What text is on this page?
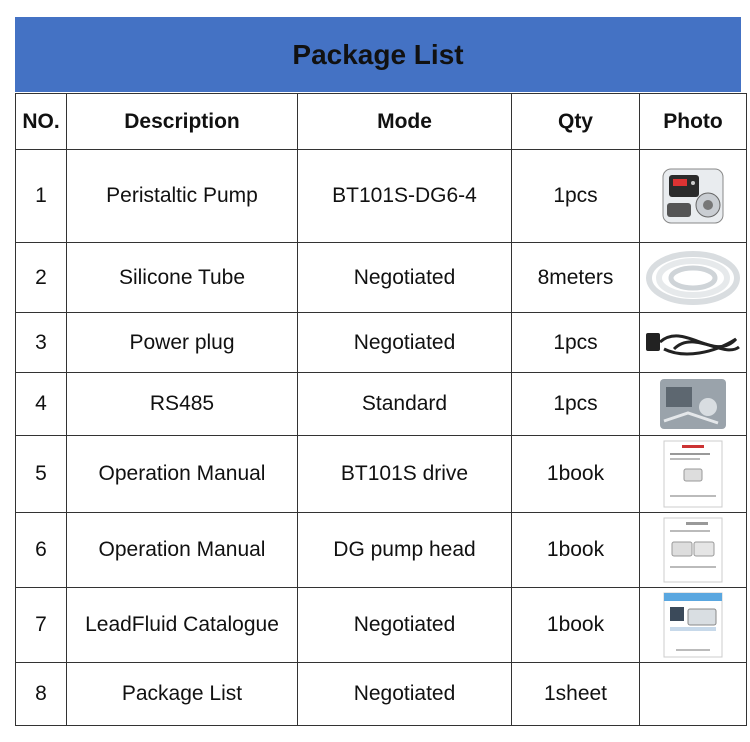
Package List
NO.	Description	Mode	Qty	Photo
1	Peristaltic Pump	BT101S-DG6-4	1pcs	

2	Silicone Tube	Negotiated	8meters	

3	Power plug	Negotiated	1pcs	

4	RS485	Standard	1pcs	

5	Operation Manual	BT101S drive	1book	

6	Operation Manual	DG pump head	1book	

7	LeadFluid Catalogue	Negotiated	1book	

8	Package List	Negotiated	1sheet	
